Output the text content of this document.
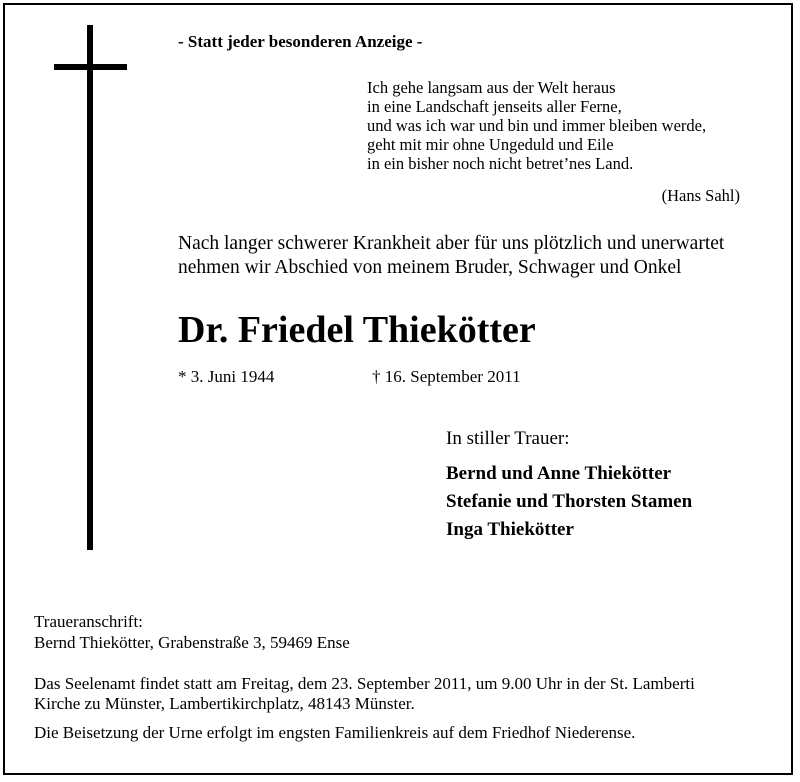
- Statt jeder besonderen Anzeige -
Ich gehe langsam aus der Welt heraus
in eine Landschaft jenseits aller Ferne,
und was ich war und bin und immer bleiben werde,
geht mit mir ohne Ungeduld und Eile
in ein bisher noch nicht betret’nes Land.
(Hans Sahl)
Nach langer schwerer Krankheit aber für uns plötzlich und unerwartet
nehmen wir Abschied von meinem Bruder, Schwager und Onkel
Dr. Friedel Thiekötter
* 3. Juni 1944	† 16. September 2011
In stiller Trauer:
Bernd und Anne Thiekötter
Stefanie und Thorsten Stamen
Inga Thiekötter
Traueranschrift:
Bernd Thiekötter, Grabenstraße 3, 59469 Ense
Das Seelenamt findet statt am Freitag, dem 23. September 2011, um 9.00 Uhr in der St. Lamberti
Kirche zu Münster, Lambertikirchplatz, 48143 Münster.
Die Beisetzung der Urne erfolgt im engsten Familienkreis auf dem Friedhof Niederense.
